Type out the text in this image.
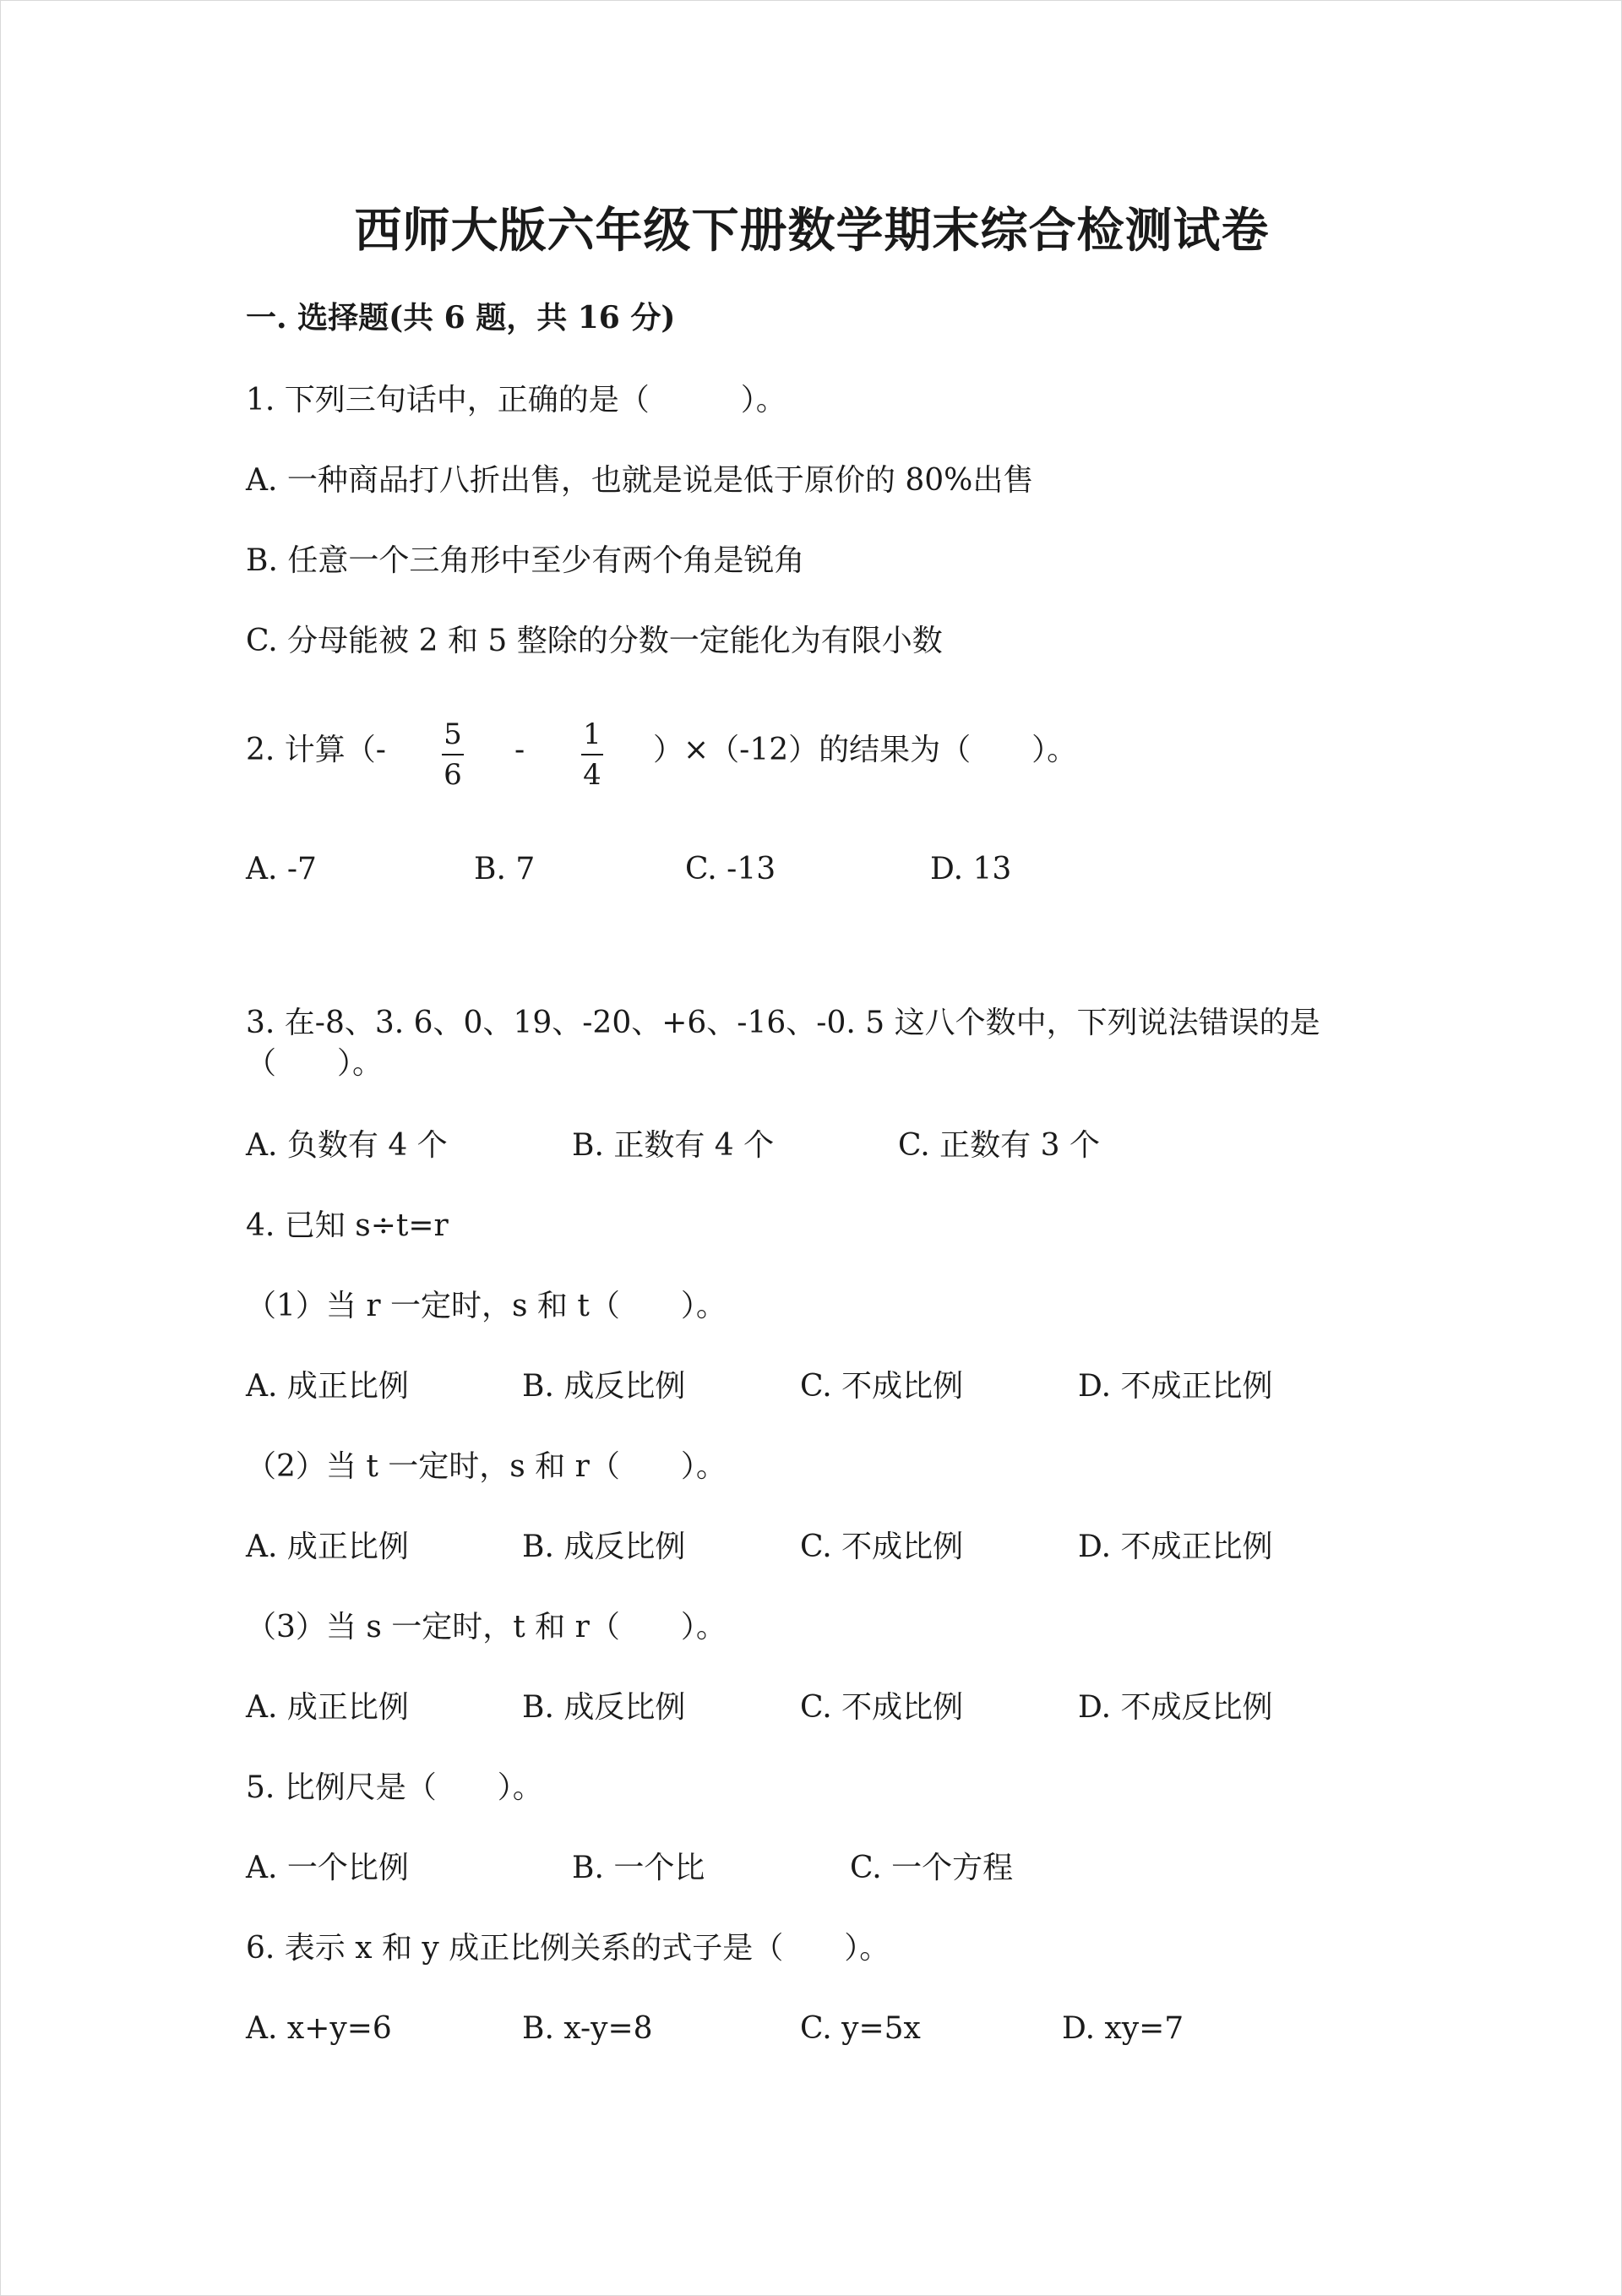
西师大版六年级下册数学期末综合检测试卷
一. 选择题(共 6 题，共 16 分)
1. 下列三句话中，正确的是（　　　）。
A. 一种商品打八折出售，也就是说是低于原价的 80%出售
B. 任意一个三角形中至少有两个角是锐角
C. 分母能被 2 和 5 整除的分数一定能化为有限小数
2. 计算（- 5
6
- 1
4
）×（-12）的结果为（　　）。
A. -7	B. 7	C. -13	D. 13
3. 在-8、3. 6、0、19、-20、+6、-16、-0. 5 这八个数中，下列说法错误的是
（　　）。
A. 负数有 4 个	B. 正数有 4 个	C. 正数有 3 个
4. 已知 s÷t=r
（1）当 r 一定时，s 和 t（　　）。
A. 成正比例	B. 成反比例	C. 不成比例	D. 不成正比例
（2）当 t 一定时，s 和 r（　　）。
A. 成正比例	B. 成反比例	C. 不成比例	D. 不成正比例
（3）当 s 一定时，t 和 r（　　）。
A. 成正比例	B. 成反比例	C. 不成比例	D. 不成反比例
5. 比例尺是（　　）。
A. 一个比例	B. 一个比	C. 一个方程
6. 表示 x 和 y 成正比例关系的式子是（　　）。
A. x+y=6	B. x-y=8	C. y=5x	D. xy=7
